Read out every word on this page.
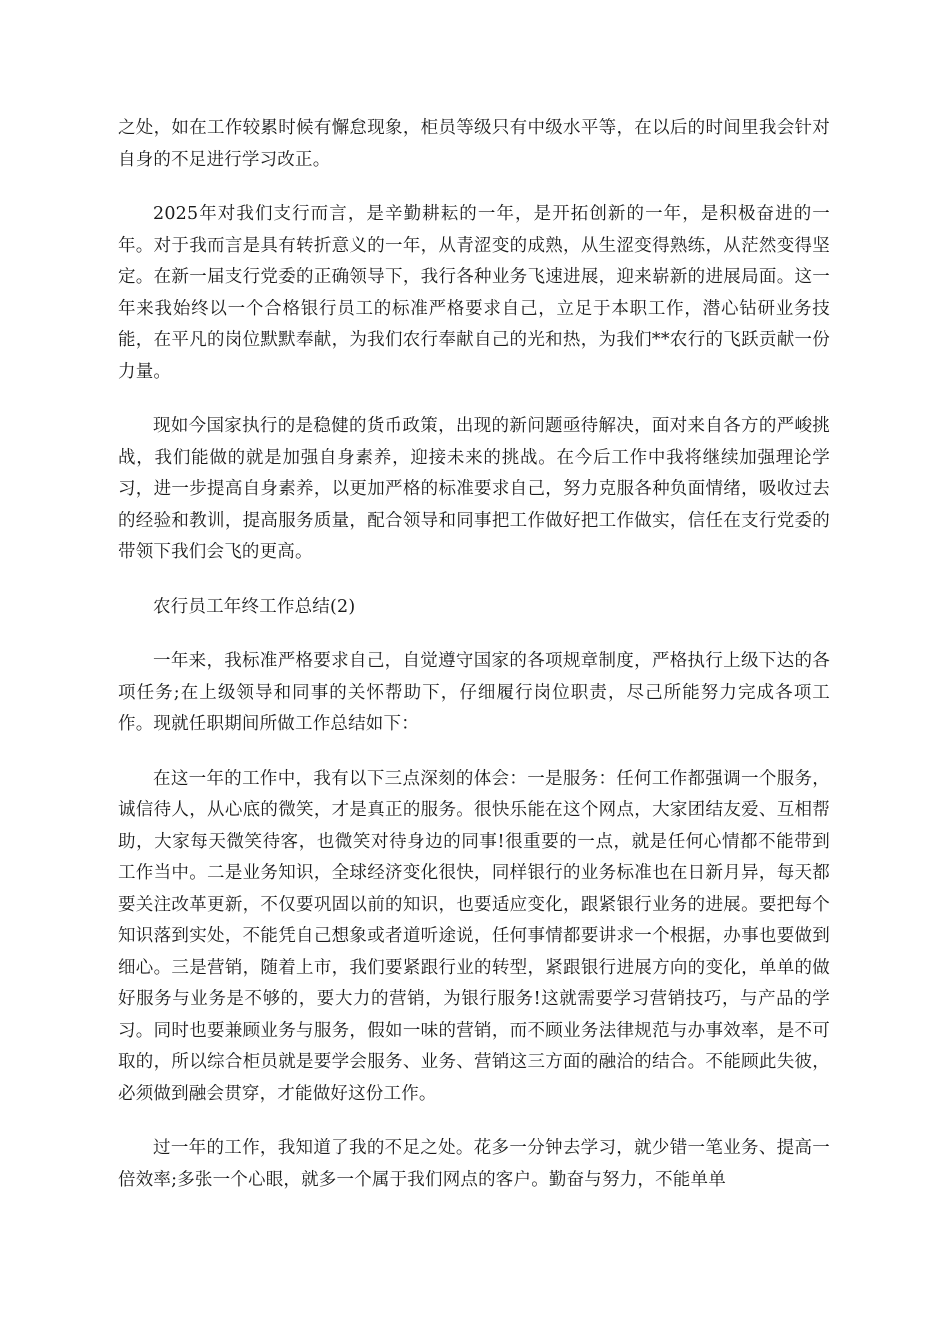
之处，如在工作较累时候有懈怠现象，柜员等级只有中级水平等，在以后的时间里我会针对自身的不足进行学习改正。

2025年对我们支行而言，是辛勤耕耘的一年，是开拓创新的一年，是积极奋进的一年。对于我而言是具有转折意义的一年，从青涩变的成熟，从生涩变得熟练，从茫然变得坚定。在新一届支行党委的正确领导下，我行各种业务飞速进展，迎来崭新的进展局面。这一年来我始终以一个合格银行员工的标准严格要求自己，立足于本职工作，潜心钻研业务技能，在平凡的岗位默默奉献，为我们农行奉献自己的光和热，为我们**农行的飞跃贡献一份力量。

现如今国家执行的是稳健的货币政策，出现的新问题亟待解决，面对来自各方的严峻挑战，我们能做的就是加强自身素养，迎接未来的挑战。在今后工作中我将继续加强理论学习，进一步提高自身素养，以更加严格的标准要求自己，努力克服各种负面情绪，吸收过去的经验和教训，提高服务质量，配合领导和同事把工作做好把工作做实，信任在支行党委的带领下我们会飞的更高。

农行员工年终工作总结(2)

一年来，我标准严格要求自己，自觉遵守国家的各项规章制度，严格执行上级下达的各项任务;在上级领导和同事的关怀帮助下，仔细履行岗位职责，尽己所能努力完成各项工作。现就任职期间所做工作总结如下：

在这一年的工作中，我有以下三点深刻的体会：一是服务：任何工作都强调一个服务，诚信待人，从心底的微笑，才是真正的服务。很快乐能在这个网点，大家团结友爱、互相帮助，大家每天微笑待客，也微笑对待身边的同事!很重要的一点，就是任何心情都不能带到工作当中。二是业务知识，全球经济变化很快，同样银行的业务标准也在日新月异，每天都要关注改革更新，不仅要巩固以前的知识，也要适应变化，跟紧银行业务的进展。要把每个知识落到实处，不能凭自己想象或者道听途说，任何事情都要讲求一个根据，办事也要做到细心。三是营销，随着上市，我们要紧跟行业的转型，紧跟银行进展方向的变化，单单的做好服务与业务是不够的，要大力的营销，为银行服务!这就需要学习营销技巧，与产品的学习。同时也要兼顾业务与服务，假如一味的营销，而不顾业务法律规范与办事效率，是不可取的，所以综合柜员就是要学会服务、业务、营销这三方面的融洽的结合。不能顾此失彼，必须做到融会贯穿，才能做好这份工作。

过一年的工作，我知道了我的不足之处。花多一分钟去学习，就少错一笔业务、提高一倍效率;多张一个心眼，就多一个属于我们网点的客户。勤奋与努力，不能单单
